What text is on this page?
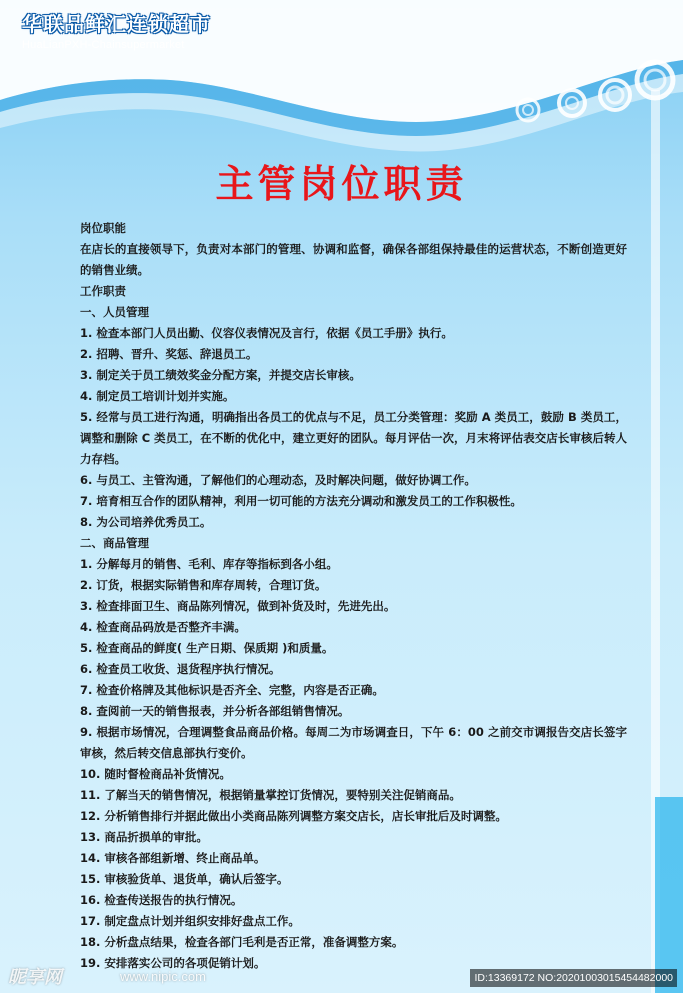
华联品鲜汇连锁超市
HuaLianPXH-Chainsupermarket
主管岗位职责
岗位职能
在店长的直接领导下，负责对本部门的管理、协调和监督，确保各部组保持最佳的运营状态，不断创造更好的销售业绩。
工作职责
一、人员管理
1. 检查本部门人员出勤、仪容仪表情况及言行，依据《员工手册》执行。
2. 招聘、晋升、奖惩、辞退员工。
3. 制定关于员工绩效奖金分配方案，并提交店长审核。
4. 制定员工培训计划并实施。
5. 经常与员工进行沟通，明确指出各员工的优点与不足，员工分类管理：奖励 A 类员工，鼓励 B 类员工，调整和删除 C 类员工，在不断的优化中，建立更好的团队。每月评估一次，月末将评估表交店长审核后转人力存档。
6. 与员工、主管沟通，了解他们的心理动态，及时解决问题，做好协调工作。
7. 培育相互合作的团队精神，利用一切可能的方法充分调动和激发员工的工作积极性。
8. 为公司培养优秀员工。
二、商品管理
1. 分解每月的销售、毛利、库存等指标到各小组。
2. 订货，根据实际销售和库存周转，合理订货。
3. 检查排面卫生、商品陈列情况，做到补货及时，先进先出。
4. 检查商品码放是否整齐丰满。
5. 检查商品的鲜度( 生产日期、保质期 )和质量。
6. 检查员工收货、退货程序执行情况。
7. 检查价格牌及其他标识是否齐全、完整，内容是否正确。
8. 查阅前一天的销售报表，并分析各部组销售情况。
9. 根据市场情况，合理调整食品商品价格。每周二为市场调查日，下午 6：00 之前交市调报告交店长签字审核，然后转交信息部执行变价。
10. 随时督检商品补货情况。
11. 了解当天的销售情况，根据销量掌控订货情况，要特别关注促销商品。
12. 分析销售排行并据此做出小类商品陈列调整方案交店长，店长审批后及时调整。
13. 商品折损单的审批。
14. 审核各部组新增、终止商品单。
15. 审核验货单、退货单，确认后签字。
16. 检查传送报告的执行情况。
17. 制定盘点计划并组织安排好盘点工作。
18. 分析盘点结果，检查各部门毛利是否正常，准备调整方案。
19. 安排落实公司的各项促销计划。
昵享网	www.nipic.com	ID:13369172 NO:20201003015454482000
